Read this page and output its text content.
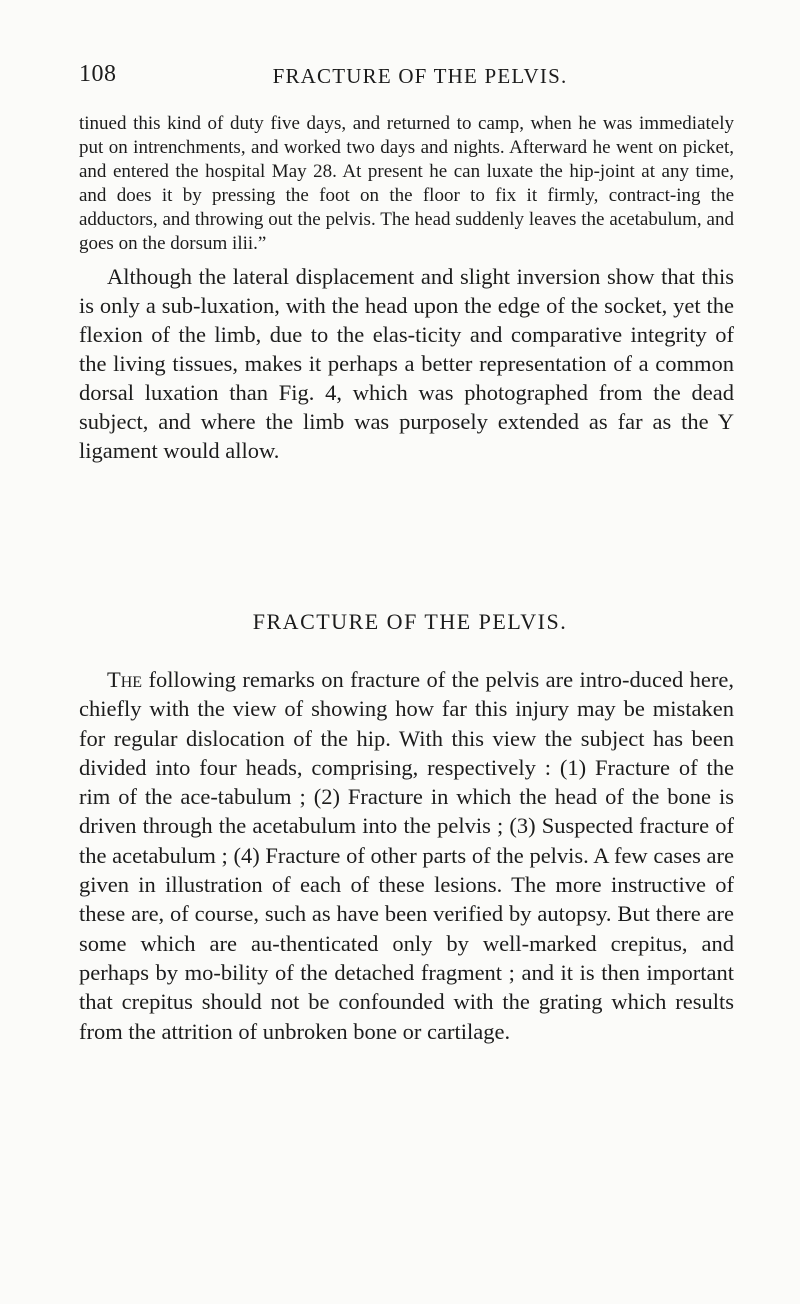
108	FRACTURE OF THE PELVIS.
tinued this kind of duty five days, and returned to camp, when he was immediately put on intrenchments, and worked two days and nights. Afterward he went on picket, and entered the hospital May 28. At present he can luxate the hip-joint at any time, and does it by pressing the foot on the floor to fix it firmly, contract-ing the adductors, and throwing out the pelvis. The head suddenly leaves the acetabulum, and goes on the dorsum ilii.”
Although the lateral displacement and slight inversion show that this is only a sub-luxation, with the head upon the edge of the socket, yet the flexion of the limb, due to the elas-ticity and comparative integrity of the living tissues, makes it perhaps a better representation of a common dorsal luxation than Fig. 4, which was photographed from the dead subject, and where the limb was purposely extended as far as the Y ligament would allow.
FRACTURE OF THE PELVIS.
The following remarks on fracture of the pelvis are intro-duced here, chiefly with the view of showing how far this injury may be mistaken for regular dislocation of the hip. With this view the subject has been divided into four heads, comprising, respectively : (1) Fracture of the rim of the ace-tabulum ; (2) Fracture in which the head of the bone is driven through the acetabulum into the pelvis ; (3) Suspected fracture of the acetabulum ; (4) Fracture of other parts of the pelvis. A few cases are given in illustration of each of these lesions. The more instructive of these are, of course, such as have been verified by autopsy. But there are some which are au-thenticated only by well-marked crepitus, and perhaps by mo-bility of the detached fragment ; and it is then important that crepitus should not be confounded with the grating which results from the attrition of unbroken bone or cartilage.
